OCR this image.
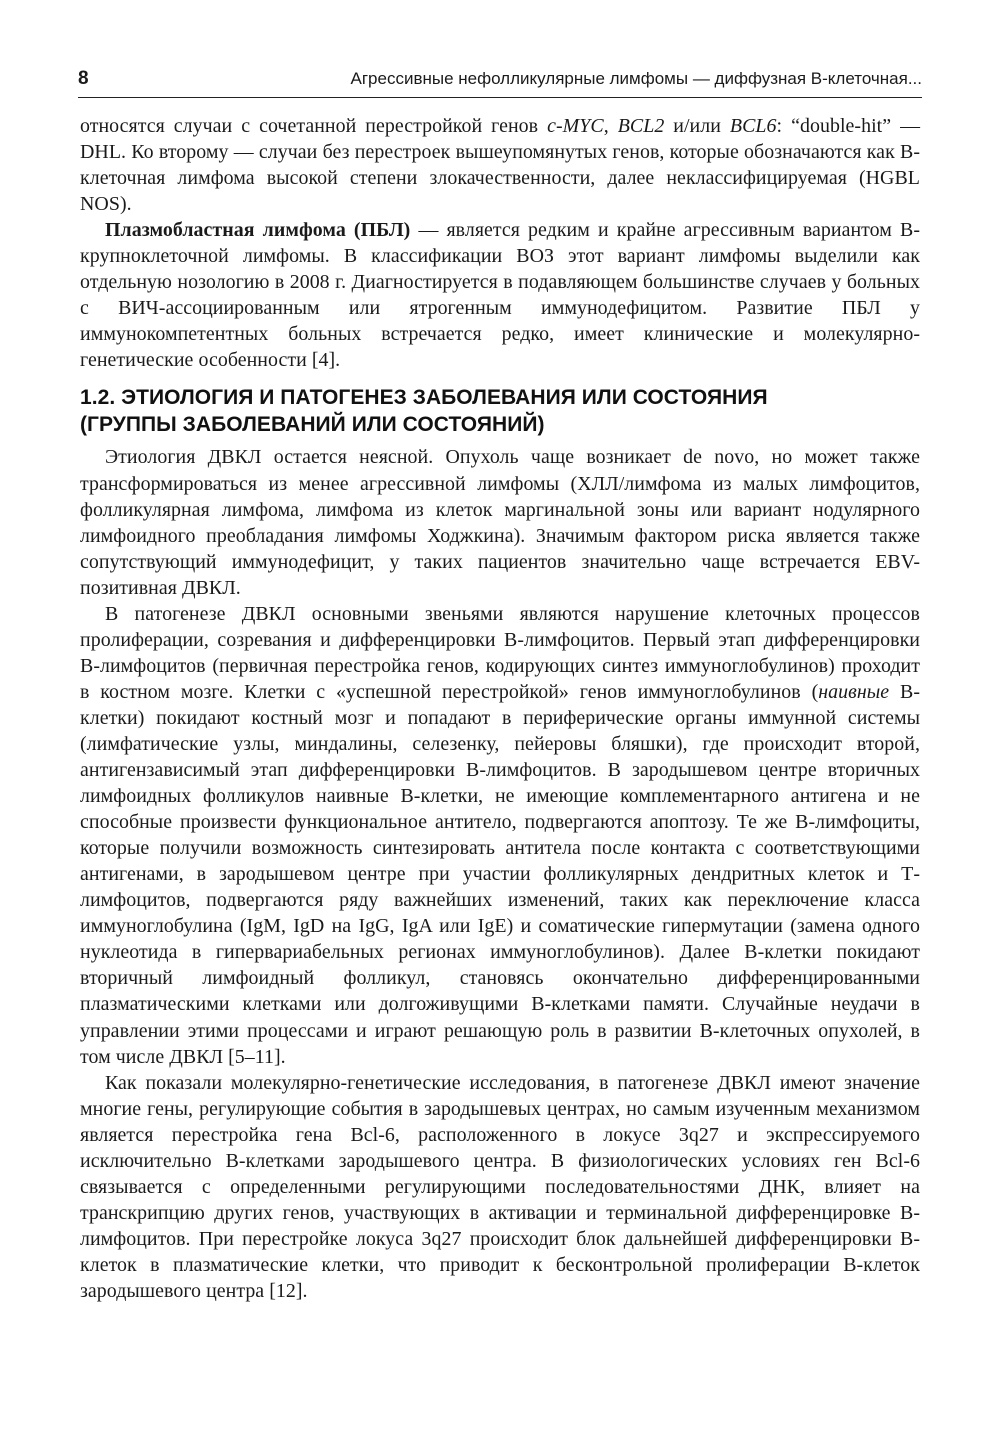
8	Агрессивные нефолликулярные лимфомы — диффузная В-клеточная...

относятся случаи с сочетанной перестройкой генов c-MYC, BCL2 и/или BCL6: “double-hit” — DHL. Ко второму — случаи без перестроек вышеупомянутых генов, которые обозначаются как В-клеточная лимфома высокой степени злокачественности, далее неклассифицируемая (HGBL NOS).

Плазмобластная лимфома (ПБЛ) — является редким и крайне агрессивным вариантом В-крупноклеточной лимфомы. В классификации ВОЗ этот вариант лимфомы выделили как отдельную нозологию в 2008 г. Диагностируется в подавляющем большинстве случаев у больных с ВИЧ-ассоциированным или ятрогенным иммунодефицитом. Развитие ПБЛ у иммунокомпетентных больных встречается редко, имеет клинические и молекулярно-генетические особенности [4].

1.2. ЭТИОЛОГИЯ И ПАТОГЕНЕЗ ЗАБОЛЕВАНИЯ ИЛИ СОСТОЯНИЯ
(ГРУППЫ ЗАБОЛЕВАНИЙ ИЛИ СОСТОЯНИЙ)

Этиология ДВКЛ остается неясной. Опухоль чаще возникает de novo, но может также трансформироваться из менее агрессивной лимфомы (ХЛЛ/лимфома из малых лимфоцитов, фолликулярная лимфома, лимфома из клеток маргинальной зоны или вариант нодулярного лимфоидного преобладания лимфомы Ходжкина). Значимым фактором риска является также сопутствующий иммунодефицит, у таких пациентов значительно чаще встречается EBV-позитивная ДВКЛ.

В патогенезе ДВКЛ основными звеньями являются нарушение клеточных процессов пролиферации, созревания и дифференцировки В-лимфоцитов. Первый этап дифференцировки В-лимфоцитов (первичная перестройка генов, кодирующих синтез иммуноглобулинов) проходит в костном мозге. Клетки с «успешной перестройкой» генов иммуноглобулинов (наивные В-клетки) покидают костный мозг и попадают в периферические органы иммунной системы (лимфатические узлы, миндалины, селезенку, пейеровы бляшки), где происходит второй, антигензависимый этап дифференцировки В-лимфоцитов. В зародышевом центре вторичных лимфоидных фолликулов наивные В-клетки, не имеющие комплементарного антигена и не способные произвести функциональное антитело, подвергаются апоптозу. Те же В-лимфоциты, которые получили возможность синтезировать антитела после контакта с соответствующими антигенами, в зародышевом центре при участии фолликулярных дендритных клеток и Т-лимфоцитов, подвергаются ряду важнейших изменений, таких как переключение класса иммуноглобулина (IgM, IgD на IgG, IgA или IgE) и соматические гипермутации (замена одного нуклеотида в гипервариабельных регионах иммуноглобулинов). Далее В-клетки покидают вторичный лимфоидный фолликул, становясь окончательно дифференцированными плазматическими клетками или долгоживущими В-клетками памяти. Случайные неудачи в управлении этими процессами и играют решающую роль в развитии В-клеточных опухолей, в том числе ДВКЛ [5–11].

Как показали молекулярно-генетические исследования, в патогенезе ДВКЛ имеют значение многие гены, регулирующие события в зародышевых центрах, но самым изученным механизмом является перестройка гена Bcl-6, расположенного в локусе 3q27 и экспрессируемого исключительно В-клетками зародышевого центра. В физиологических условиях ген Bcl-6 связывается с определенными регулирующими последовательностями ДНК, влияет на транскрипцию других генов, участвующих в активации и терминальной дифференцировке В-лимфоцитов. При перестройке локуса 3q27 происходит блок дальнейшей дифференцировки В-клеток в плазматические клетки, что приводит к бесконтрольной пролиферации В-клеток зародышевого центра [12].
